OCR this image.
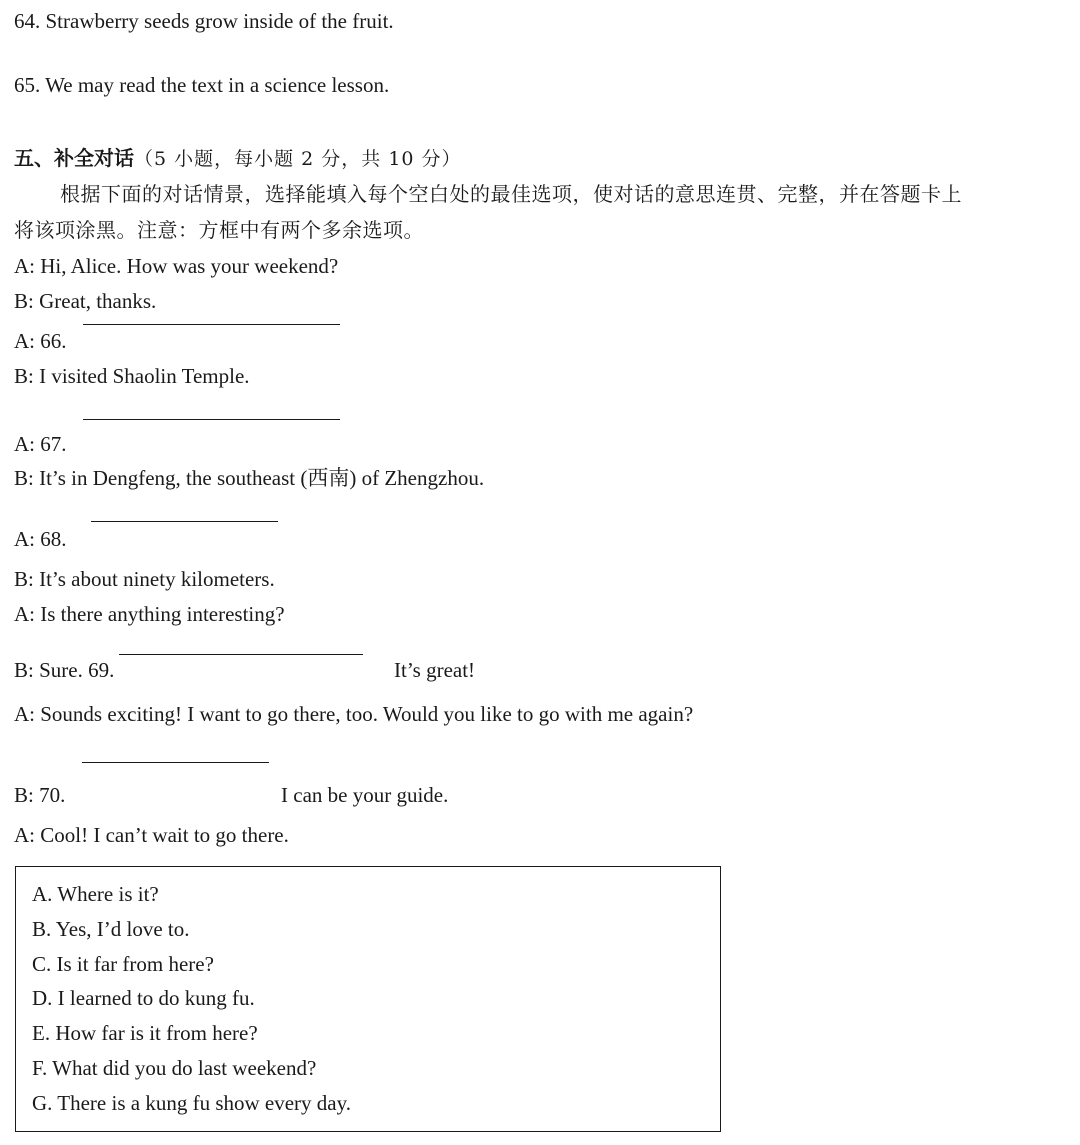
64. Strawberry seeds grow inside of the fruit.
65. We may read the text in a science lesson.
五、补全对话（5 小题，每小题 2 分，共 10 分）
根据下面的对话情景，选择能填入每个空白处的最佳选项，使对话的意思连贯、完整，并在答题卡上
将该项涂黑。注意：方框中有两个多余选项。
A: Hi, Alice. How was your weekend?
B: Great, thanks.
A: 66.
B: I visited Shaolin Temple.
A: 67.
B: It’s in Dengfeng, the southeast (西南) of Zhengzhou.
A: 68.
B: It’s about ninety kilometers.
A: Is there anything interesting?
B: Sure. 69.	It’s great!
A: Sounds exciting! I want to go there, too. Would you like to go with me again?
B: 70.	I can be your guide.
A: Cool! I can’t wait to go there.
A. Where is it?
B. Yes, I’d love to.
C. Is it far from here?
D. I learned to do kung fu.
E. How far is it from here?
F. What did you do last weekend?
G. There is a kung fu show every day.
